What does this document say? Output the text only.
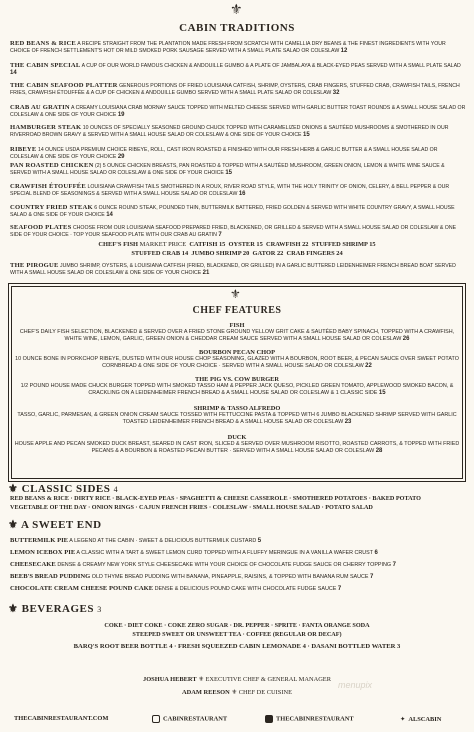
⚜
CABIN TRADITIONS
RED BEANS & RICE A RECIPE STRAIGHT FROM THE PLANTATION MADE FRESH FROM SCRATCH WITH CAMELLIA DRY BEANS & THE FINEST INGREDIENTS WITH YOUR CHOICE OF FRENCH SETTLEMENT'S HOT OR MILD SMOKED PORK SAUSAGE SERVED WITH A SMALL PLATE SALAD OR COLESLAW 12
THE CABIN SPECIAL A CUP OF OUR WORLD FAMOUS CHICKEN & ANDOUILLE GUMBO & A PLATE OF JAMBALAYA & BLACK-EYED PEAS SERVED WITH A SMALL PLATE SALAD 14
THE CABIN SEAFOOD PLATTER GENEROUS PORTIONS OF FRIED LOUISIANA CATFISH, SHRIMP, OYSTERS, CRAB FINGERS, STUFFED CRAB, CRAWFISH TAILS, FRENCH FRIES, CRAWFISH ÉTOUFFÉE & A CUP OF CHICKEN & ANDOUILLE GUMBO SERVED WITH A SMALL PLATE SALAD OR COLESLAW 32
CRAB AU GRATIN A CREAMY LOUISIANA CRAB MORNAY SAUCE TOPPED WITH MELTED CHEESE SERVED WITH GARLIC BUTTER TOAST ROUNDS & A SMALL HOUSE SALAD OR COLESLAW & ONE SIDE OF YOUR CHOICE 19
HAMBURGER STEAK 10 OUNCES OF SPECIALLY SEASONED GROUND CHUCK TOPPED WITH CARAMELIZED ONIONS & SAUTÉED MUSHROOMS & SMOTHERED IN OUR RIVERROAD BROWN GRAVY & SERVED WITH A SMALL HOUSE SALAD OR COLESLAW & ONE SIDE OF YOUR CHOICE 15
RIBEYE 14 OUNCE USDA PREMIUM CHOICE RIBEYE, ROLL, CAST IRON ROASTED & FINISHED WITH OUR FRESH HERB & GARLIC BUTTER & A SMALL HOUSE SALAD OR COLESLAW & ONE SIDE OF YOUR CHOICE 29
PAN ROASTED CHICKEN (2) 5 OUNCE CHICKEN BREASTS, PAN ROASTED & TOPPED WITH A SAUTÉED MUSHROOM, GREEN ONION, LEMON & WHITE WINE SAUCE & SERVED WITH A SMALL HOUSE SALAD OR COLESLAW & ONE SIDE OF YOUR CHOICE 15
CRAWFISH ÉTOUFFÉE LOUISIANA CRAWFISH TAILS SMOTHERED IN A ROUX, RIVER ROAD STYLE, WITH THE HOLY TRINITY OF ONION, CELERY, & BELL PEPPER & OUR SPECIAL BLEND OF SEASONINGS & SERVED WITH A SMALL HOUSE SALAD OR COLESLAW 16
COUNTRY FRIED STEAK 6 OUNCE ROUND STEAK, POUNDED THIN, BUTTERMILK BATTERED, FRIED GOLDEN & SERVED WITH WHITE COUNTRY GRAVY, A SMALL HOUSE SALAD & ONE SIDE OF YOUR CHOICE 14
SEAFOOD PLATES CHOOSE FROM OUR LOUISIANA SEAFOOD PREPARED FRIED, BLACKENED, OR GRILLED & SERVED WITH A SMALL HOUSE SALAD OR COLESLAW & ONE SIDE OF YOUR CHOICE · TOP YOUR SEAFOOD PLATE WITH OUR CRAB AU GRATIN 7
CHEF'S FISH MARKET PRICE CATFISH 15 OYSTER 15 CRAWFISH 22 STUFFED SHRIMP 15
STUFFED CRAB 14 JUMBO SHRIMP 20 GATOR 22 CRAB FINGERS 24
THE PIROGUE JUMBO SHRIMP, OYSTERS, & LOUISIANA CATFISH (FRIED, BLACKENED, OR GRILLED) IN A GARLIC BUTTERED LEIDENHEIMER FRENCH BREAD BOAT SERVED WITH A SMALL HOUSE SALAD OR COLESLAW & ONE SIDE OF YOUR CHOICE 21
⚜
CHEF FEATURES
FISH
CHEF'S DAILY FISH SELECTION, BLACKENED & SERVED OVER A FRIED STONE GROUND YELLOW GRIT CAKE & SAUTÉED BABY SPINACH, TOPPED WITH A CRAWFISH, WHITE WINE, LEMON, GARLIC, GREEN ONION & CHEDDAR CREAM SAUCE SERVED WITH A SMALL HOUSE SALAD OR COLESLAW 26
BOURBON PECAN CHOP
10 OUNCE BONE IN PORKCHOP RIBEYE, DUSTED WITH OUR HOUSE CHOP SEASONING, GLAZED WITH A BOURBON, ROOT BEER, & PECAN SAUCE OVER SWEET POTATO CORNBREAD & ONE SIDE OF YOUR CHOICE · SERVED WITH A SMALL HOUSE SALAD OR COLESLAW 22
THE PIG VS. COW BURGER
1/2 POUND HOUSE MADE CHUCK BURGER TOPPED WITH SMOKED TASSO HAM & PEPPER JACK QUESO, PICKLED GREEN TOMATO, APPLEWOOD SMOKED BACON, & CRACKLING ON A LEIDENHEIMER FRENCH BREAD & A SMALL HOUSE SALAD OR COLESLAW & 1 CLASSIC SIDE 15
SHRIMP & TASSO ALFREDO
TASSO, GARLIC, PARMESAN, & GREEN ONION CREAM SAUCE TOSSED WITH FETTUCCINE PASTA & TOPPED WITH 6 JUMBO BLACKENED SHRIMP SERVED WITH GARLIC TOASTED LEIDENHEIMER FRENCH BREAD & A SMALL HOUSE SALAD OR COLESLAW 23
DUCK
HOUSE APPLE AND PECAN SMOKED DUCK BREAST, SEARED IN CAST IRON, SLICED & SERVED OVER MUSHROOM RISOTTO, ROASTED CARROTS, & TOPPED WITH FRIED PECANS & A BOURBON & ROASTED PECAN BUTTER · SERVED WITH A SMALL HOUSE SALAD OR COLESLAW 28
⚜ CLASSIC SIDES 4
RED BEANS & RICE · DIRTY RICE · BLACK-EYED PEAS · SPAGHETTI & CHEESE CASSEROLE · SMOTHERED POTATOES · BAKED POTATO
VEGETABLE OF THE DAY · ONION RINGS · CAJUN FRENCH FRIES · COLESLAW · SMALL HOUSE SALAD · POTATO SALAD
⚜ A SWEET END
BUTTERMILK PIE A LEGEND AT THE CABIN · SWEET & DELICIOUS BUTTERMILK CUSTARD 5
LEMON ICEBOX PIE A CLASSIC WITH A TART & SWEET LEMON CURD TOPPED WITH A FLUFFY MERINGUE IN A VANILLA WAFER CRUST 6
CHEESECAKE DENSE & CREAMY NEW YORK STYLE CHEESECAKE WITH YOUR CHOICE OF CHOCOLATE FUDGE SAUCE OR CHERRY TOPPING 7
BEEB'S BREAD PUDDING OLD THYME BREAD PUDDING WITH BANANA, PINEAPPLE, RAISINS, & TOPPED WITH BANANA RUM SAUCE 7
CHOCOLATE CREAM CHEESE POUND CAKE DENSE & DELICIOUS POUND CAKE WITH CHOCOLATE FUDGE SAUCE 7
⚜ BEVERAGES 3
COKE · DIET COKE · COKE ZERO SUGAR · DR. PEPPER · SPRITE · FANTA ORANGE SODA
STEEPED SWEET OR UNSWEET TEA · COFFEE (REGULAR OR DECAF)
BARQ'S ROOT BEER BOTTLE 4 · FRESH SQUEEZED CABIN LEMONADE 4 · DASANI BOTTLED WATER 3
JOSHUA HEBERT ⚜ EXECUTIVE CHEF & GENERAL MANAGER
ADAM REESON ⚜ CHEF DE CUISINE
menupix
THECABINRESTAURANT.COM	CABINRESTAURANT	THECABINRESTAURANT	✦ ALSCABIN
